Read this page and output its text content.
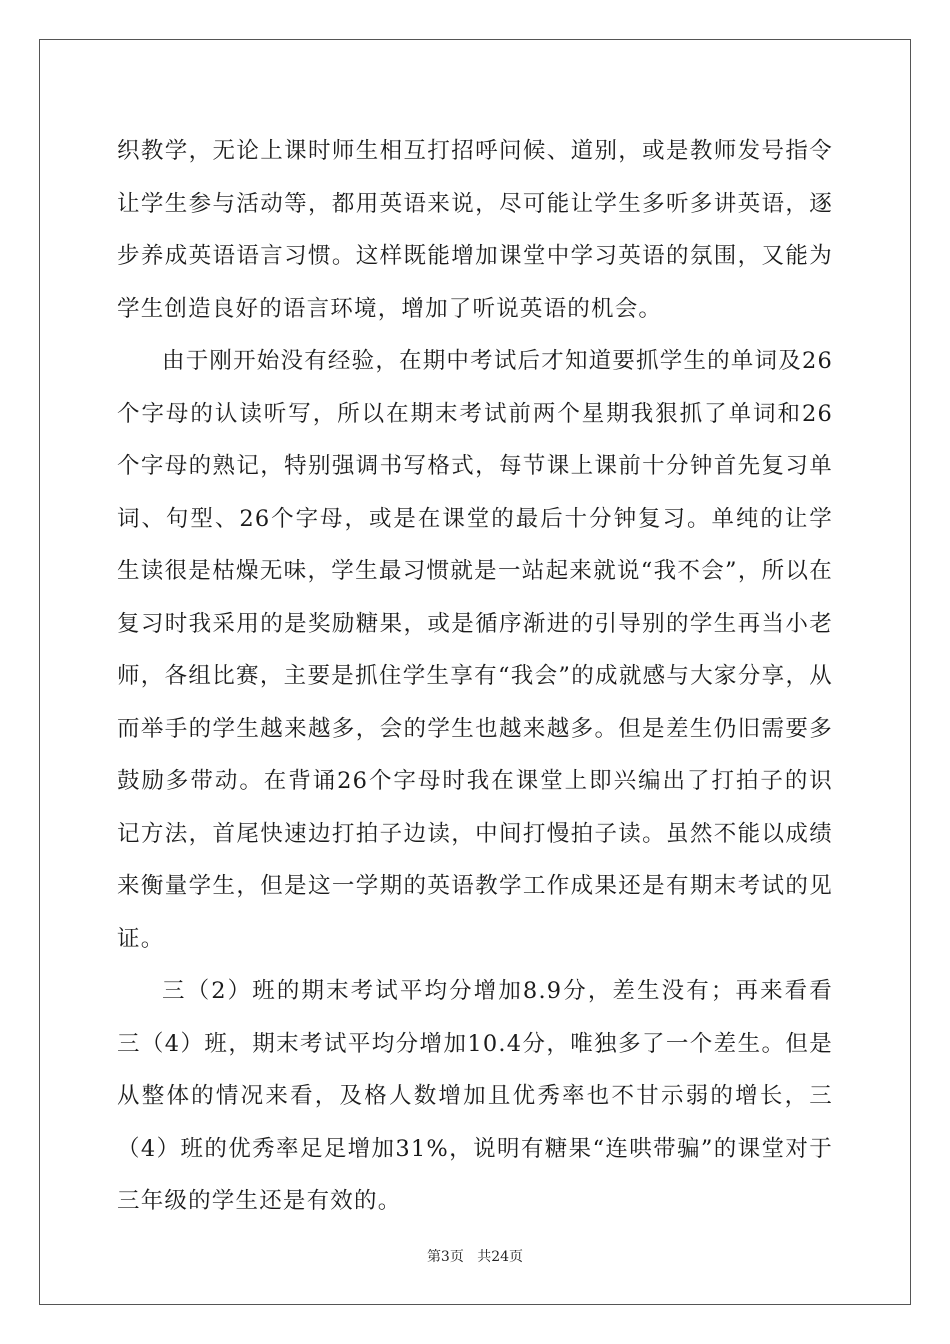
织教学，无论上课时师生相互打招呼问候、道别，或是教师发号指令让学生参与活动等，都用英语来说，尽可能让学生多听多讲英语，逐步养成英语语言习惯。这样既能增加课堂中学习英语的氛围，又能为学生创造良好的语言环境，增加了听说英语的机会。

由于刚开始没有经验，在期中考试后才知道要抓学生的单词及26个字母的认读听写，所以在期末考试前两个星期我狠抓了单词和26个字母的熟记，特别强调书写格式，每节课上课前十分钟首先复习单词、句型、26个字母，或是在课堂的最后十分钟复习。单纯的让学生读很是枯燥无味，学生最习惯就是一站起来就说“我不会”，所以在复习时我采用的是奖励糖果，或是循序渐进的引导别的学生再当小老师，各组比赛，主要是抓住学生享有“我会”的成就感与大家分享，从而举手的学生越来越多，会的学生也越来越多。但是差生仍旧需要多鼓励多带动。在背诵26个字母时我在课堂上即兴编出了打拍子的识记方法，首尾快速边打拍子边读，中间打慢拍子读。虽然不能以成绩来衡量学生，但是这一学期的英语教学工作成果还是有期末考试的见证。

三（2）班的期末考试平均分增加8.9分，差生没有；再来看看三（4）班，期末考试平均分增加10.4分，唯独多了一个差生。但是从整体的情况来看，及格人数增加且优秀率也不甘示弱的增长，三（4）班的优秀率足足增加31%，说明有糖果“连哄带骗”的课堂对于三年级的学生还是有效的。

第3页 共24页
